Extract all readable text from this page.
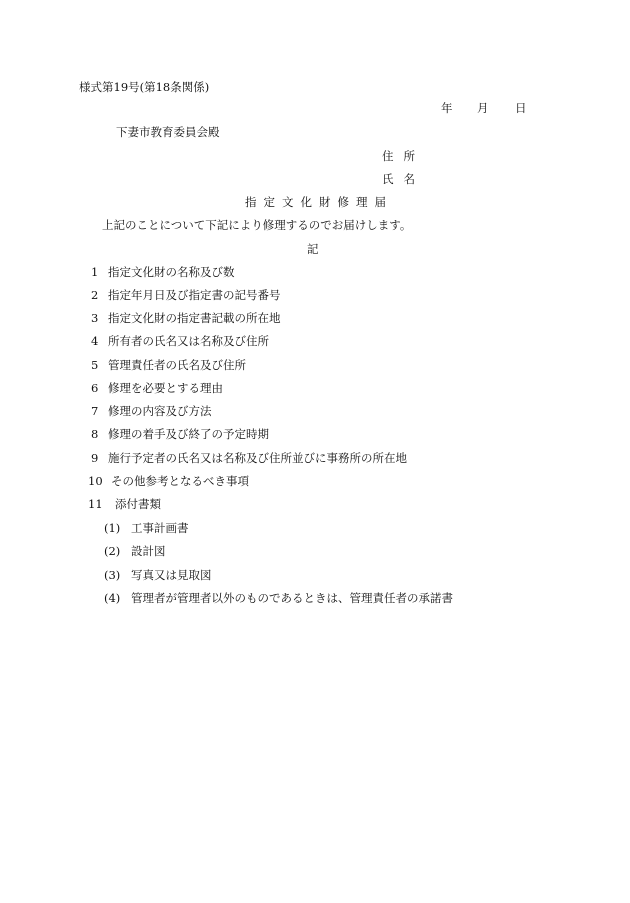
様式第19号(第18条関係)
年 月 日
下妻市教育委員会殿
住所
氏名
指定文化財修理届
上記のことについて下記により修理するのでお届けします。
記
1 指定文化財の名称及び数
2 指定年月日及び指定書の記号番号
3 指定文化財の指定書記載の所在地
4 所有者の氏名又は名称及び住所
5 管理責任者の氏名及び住所
6 修理を必要とする理由
7 修理の内容及び方法
8 修理の着手及び終了の予定時期
9 施行予定者の氏名又は名称及び住所並びに事務所の所在地
10 その他参考となるべき事項
11 添付書類
(1) 工事計画書
(2) 設計図
(3) 写真又は見取図
(4) 管理者が管理者以外のものであるときは、管理責任者の承諾書
